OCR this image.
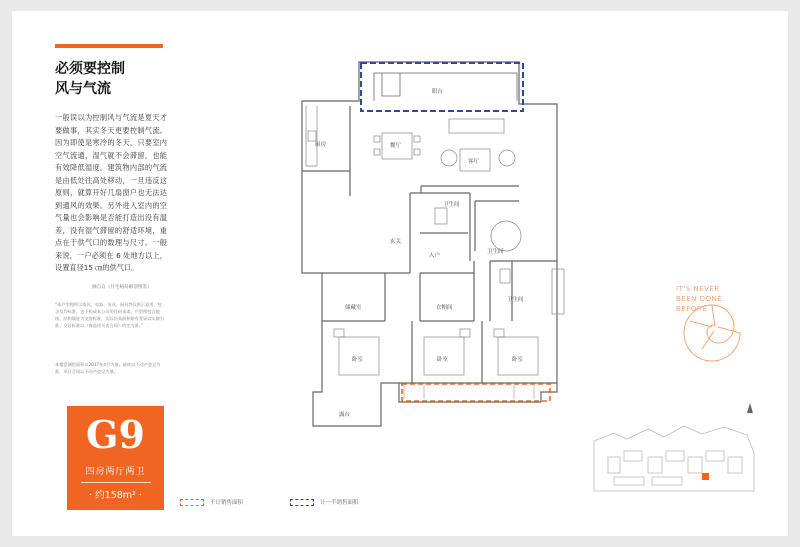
必须要控制
风与气流
一般误以为控制风与气流是夏天才要做事，其实冬天更要控制气流。因为即使是寒冷的冬天，只要室内空气流通，湿气就不会滞留，也能有效降低湿度。建筑物内部的气流是由低处往高处移动，一旦违反这原则，就算开好几扇窗户也无法达到通风的效果。另外进入室内的空气量也会影响是否能打造出没有温差，没有湿气滞留的舒适环境，重点在于供气口的数理与尺寸。一般来说，一户必须在 6 处地方以上，设置直径15 ㎝的供气口。
摘自自《住宅格局解剖图鉴》
“本户型图所示家具、电器、洁具、厨具等仅供示意用，包含及均标准，也不构成本公司的任何承诺。户型图包含地线、结构墙柱为交房标准，实际层高面积如有差异以实测为准。交付标准以《商品房买卖合同》约定为准。”
本楼盘测绘面积以2017年4月为准，最终以不动产登记为准，项目合同以不动产登记为准。
G9
四房两厅两卫
· 约158m² ·
阳台
厨房	餐厅
客厅
卫生间
玄关
卫生间
储藏室	衣帽间
卧室	卧室	卧室
卫生间
露台
入户
IT'S NEVER
BEEN DONE
BEFORE
不计销售面积	计一半销售面积
